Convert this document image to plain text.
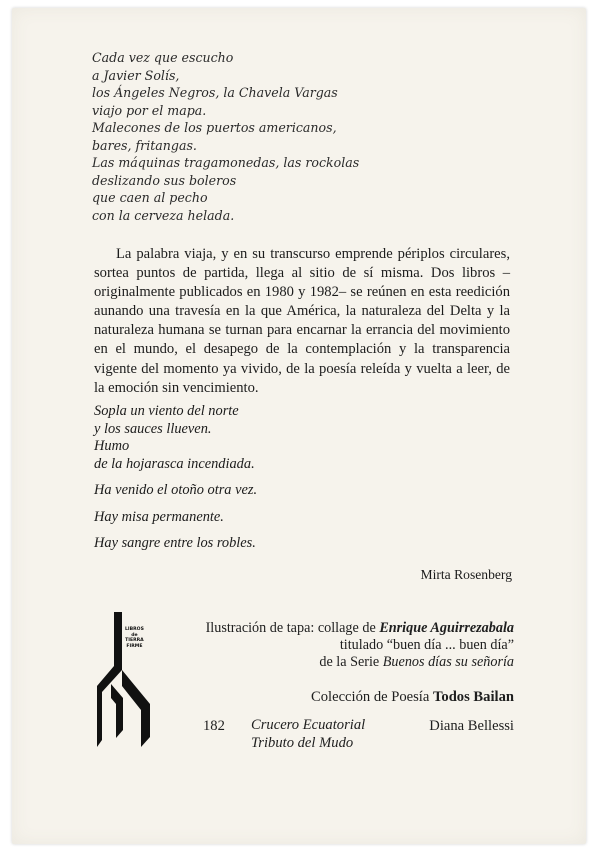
Cada vez que escucho
a Javier Solís,
los Ángeles Negros, la Chavela Vargas
viajo por el mapa.
Malecones de los puertos americanos,
bares, fritangas.
Las máquinas tragamonedas, las rockolas
deslizando sus boleros
que caen al pecho
con la cerveza helada.

La palabra viaja, y en su transcurso emprende périplos circulares, sortea puntos de partida, llega al sitio de sí misma. Dos libros –originalmente publicados en 1980 y 1982– se reúnen en esta reedición aunando una travesía en la que América, la naturaleza del Delta y la naturaleza humana se turnan para encarnar la errancia del movimiento en el mundo, el desapego de la contemplación y la transparencia vigente del momento ya vivido, de la poesía releída y vuelta a leer, de la emoción sin vencimiento.

Sopla un viento del norte
y los sauces llueven.
Humo
de la hojarasca incendiada.
Ha venido el otoño otra vez.
Hay misa permanente.
Hay sangre entre los robles.
Mirta Rosenberg
LIBROS
de
TIERRA
FIRME
Ilustración de tapa: collage de Enrique Aguirrezabala
titulado “buen día ... buen día”
de la Serie Buenos días su señoría
Colección de Poesía Todos Bailan
182 Crucero Ecuatorial
Tributo del Mudo
Diana Bellessi
